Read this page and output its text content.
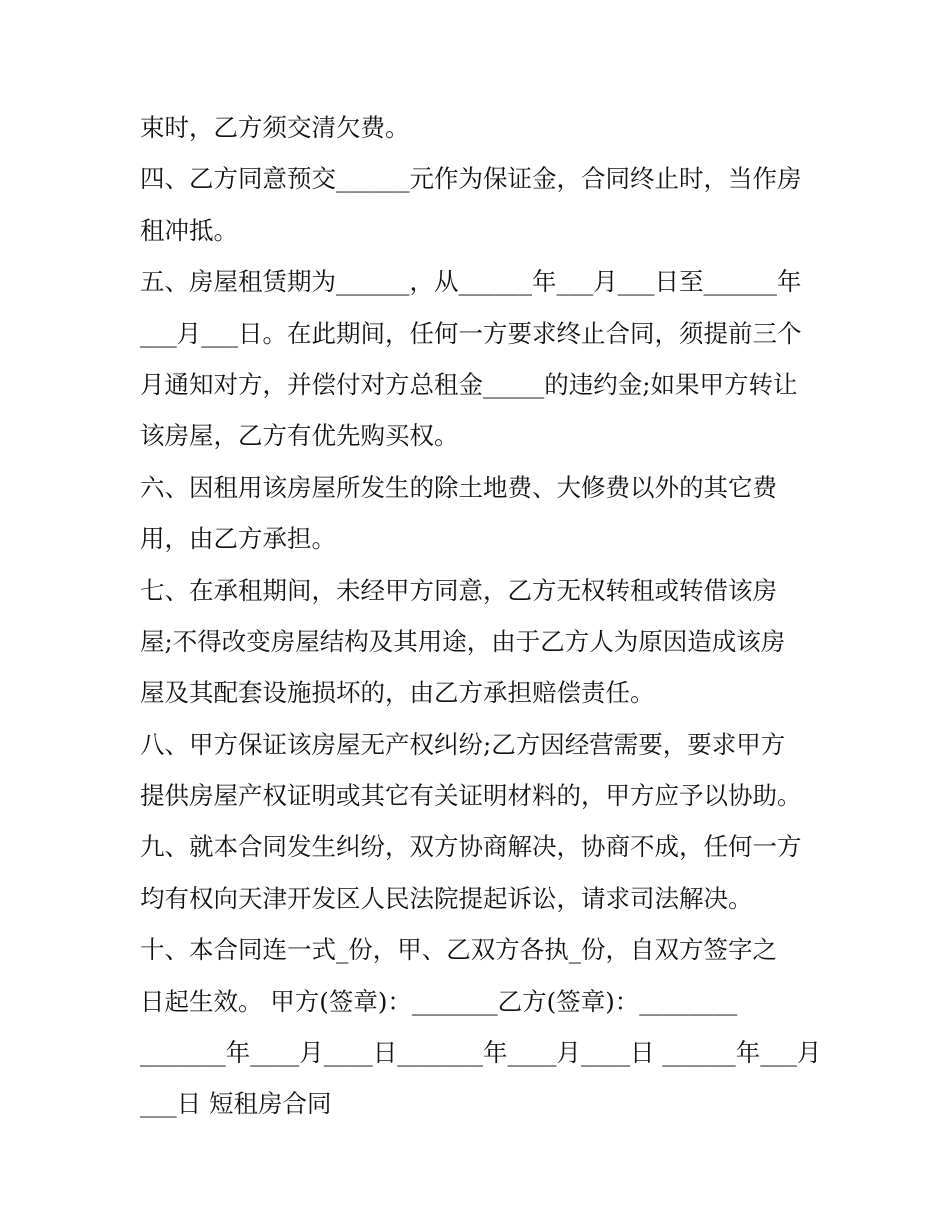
束时，乙方须交清欠费。
四、乙方同意预交______元作为保证金，合同终止时，当作房
租冲抵。
五、房屋租赁期为______，从______年___月___日至______年
___月___日。在此期间，任何一方要求终止合同，须提前三个
月通知对方，并偿付对方总租金_____的违约金;如果甲方转让
该房屋，乙方有优先购买权。
六、因租用该房屋所发生的除土地费、大修费以外的其它费
用，由乙方承担。
七、在承租期间，未经甲方同意，乙方无权转租或转借该房
屋;不得改变房屋结构及其用途，由于乙方人为原因造成该房
屋及其配套设施损坏的，由乙方承担赔偿责任。
八、甲方保证该房屋无产权纠纷;乙方因经营需要，要求甲方
提供房屋产权证明或其它有关证明材料的，甲方应予以协助。
九、就本合同发生纠纷，双方协商解决，协商不成，任何一方
均有权向天津开发区人民法院提起诉讼，请求司法解决。
十、本合同连一式_份，甲、乙双方各执_份，自双方签字之
日起生效。 甲方(签章)：_______乙方(签章)：________
_______年____月____日_______年____月____日 ______年___月
___日 短租房合同
